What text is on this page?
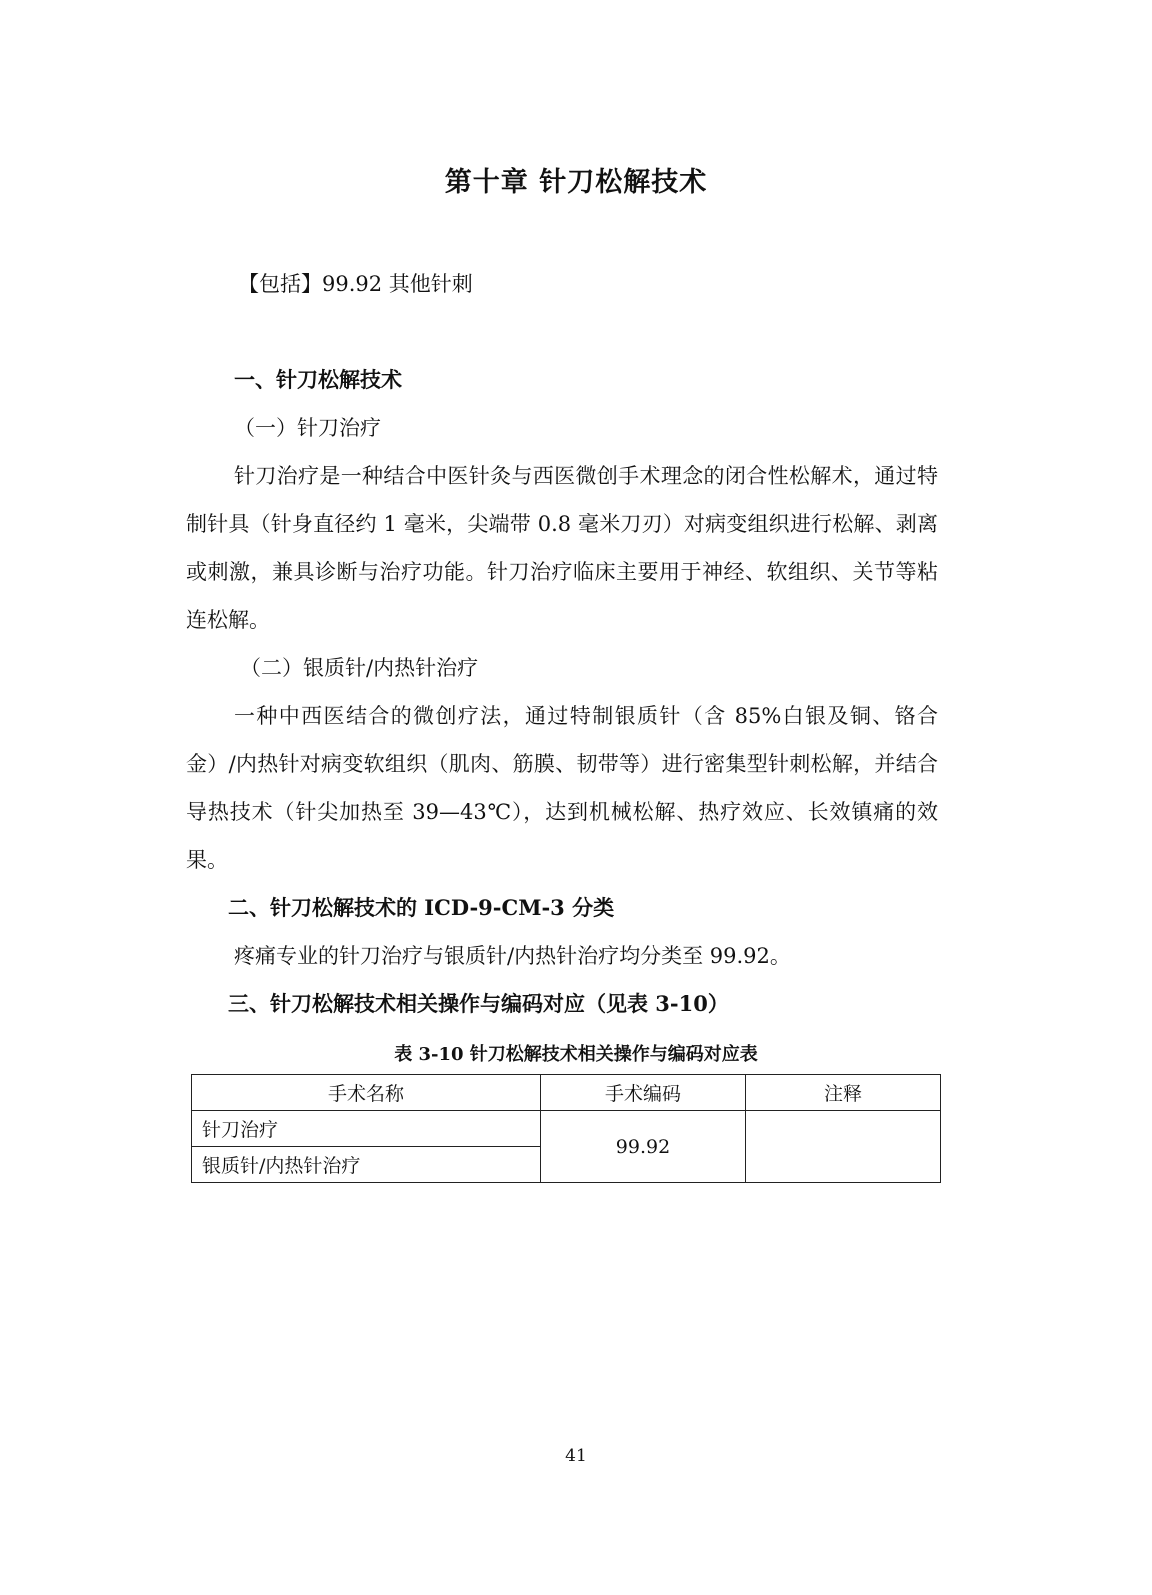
第十章 针刀松解技术
【包括】99.92 其他针刺
一、针刀松解技术
（一）针刀治疗
针刀治疗是一种结合中医针灸与西医微创手术理念的闭合性松解术，通过特制针具（针身直径约 1 毫米，尖端带 0.8 毫米刀刃）对病变组织进行松解、剥离或刺激，兼具诊断与治疗功能。针刀治疗临床主要用于神经、软组织、关节等粘连松解。
（二）银质针/内热针治疗
一种中西医结合的微创疗法，通过特制银质针（含 85%白银及铜、铬合金）/内热针对病变软组织（肌肉、筋膜、韧带等）进行密集型针刺松解，并结合导热技术（针尖加热至 39—43℃），达到机械松解、热疗效应、长效镇痛的效果。
二、针刀松解技术的 ICD-9-CM-3 分类
疼痛专业的针刀治疗与银质针/内热针治疗均分类至 99.92。
三、针刀松解技术相关操作与编码对应（见表 3-10）
表 3-10 针刀松解技术相关操作与编码对应表
手术名称	手术编码	注释
针刀治疗	99.92	
银质针/内热针治疗		
41
